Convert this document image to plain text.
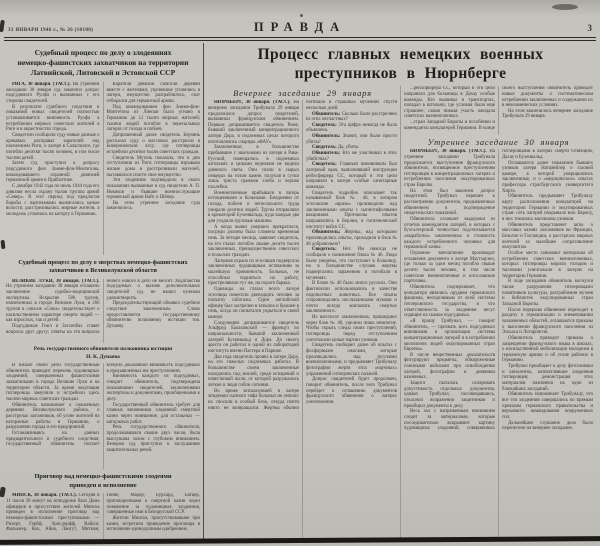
31 ЯНВАРЯ 1946 г., № 26 (10108)	ПРАВДА	3
Судебный процесс по делу о злодеяниях
немецко-фашистских захватчиков на территории
Латвийской, Литовской и Эстонской ССР

РИГА, 30 января. (ТАСС). На утреннем заседании 30 января суд закончил допрос подсудимого Руофа и вызванных с его стороны свидетелей.

В результате судебного следствия и показаний новых свидетелей полностью устанавливается виновность Руофа в истреблении мирных советских жителей в Риге и в окрестностях города.

Свидетели сообщили суду новые данные о кровавых расправах карателей над населением Риги, о лагере в Саласпилсе, где погибли десятки тысяч человек, в том числе тысячи детей.

Затем суд приступил к допросу подсудимого фон Зомме-фон-Монтетона, командовавшего охранной дивизией германской армии в Прибалтике.

С декабря 1942 года по июль 1944 года его дивизия несла охрану тылов группы армий «Север». В этот период под предлогом борьбы с партизанами выжигались целые волости, расстреливались мирные жители, а молодежь угонялась на каторгу в Германию.

Каратели дивизии сжигали деревни вместе с жителями; уцелевшие угонялись в лагери, имущество разграблялось, скот отбирался для германской армии.

Под командованием фон Зомме-фон-Монтетона из Лиепаи было угнано в Германию до 12 тысяч мирных жителей; тысячи людей погибли в пересыльных лагерях от голода и побоев.

Допрошенный далее свидетель Берзинь рассказал суду о массовых расстрелах в Бикерниекском лесу, где гитлеровцы истребили десятки тысяч советских граждан.

Свидетель Мутель показала, что в дни отступления из Риги гитлеровцы взрывали жилые дома и расстреливали жителей, пытавшихся спасти свое имущество.

Эти злодеяния подтвердили в своих показаниях вызванные в суд свидетели А. П. Новиков и бывшие военнослужащие германской армии Вайс и Шёпер.

На этом утреннее заседание суда закончилось.

Судебный процесс по делу о зверствах немецко-фашистских
захватчиков в Великолукской области

ВЕЛИКИЕ ЛУКИ, 30 января. (ТАСС). На утреннем заседании 30 января оглашено заключение судебно-медицинской экспертизы. Вскрытие 580 трупов, извлеченных в городе Великие Луки, и 260 трупов в совхозе «Союз» свидетельствует о насильственном характере смерти людей — как взрослых, так и детей.

Подсудимые Гнил и Зассенбах ставят вопросы друг другу; ответы на эти вопросы ничего нового в дело не вносят. Ходатайства подсудимых о вызове дополнительных свидетелей суд не нашел нужным удовлетворить.

Председательствующий объявил судебное следствие законченным. Слово предоставляется государственному обвинителю полковнику юстиции тов. Дунаеву.

Речь государственного обвинителя полковника юстиции
Н. К. Дунаева

В начале своей речи государственный обвинитель приводит перечень чудовищных злодеяний, совершенных фашистскими захватчиками в городе Великие Луки и на территории области. За время оккупации гитлеровцы замучили и истребили здесь тысячи мирных советских граждан.

Обвинитель напоминает о сожженных деревнях Великолукского района, о расстрелах заложников, об угоне жителей на каторжные работы в Германию, о разрушении города и его предприятий.

Останавливаясь на данных предварительного и судебного следствия, государственный обвинитель считает всецело доказанной виновность подсудимых в предъявленных им преступлениях.

Виновность каждого из подсудимых, говорит обвинитель, подтверждена показаниями свидетелей, заключениями экспертизы и документами, приобщенными к делу.

Государственный обвинитель требует для главных виновников злодеяний смертной казни через повешение, для остальных — каторжных работ.

Речь государственного обвинителя, продолжавшаяся свыше двух часов, была выслушана залом с глубоким вниманием. Вечером суд приступил к заслушанию защитительных речей.

Приговор над немецко-фашистскими злодеями
приведен в исполнение

МИНСК, 30 января. (ТАСС). Сегодня в 11 часов 30 минут на ипподроме близ Дома офицеров в присутствии жителей Минска приведен в исполнение приговор над немецко-фашистскими преступниками — Рихерт, Гербф, Эрнсдорфф, Вайсиг, Фалькнер, Кох, Айик, Лангут, Митман, Гейне, Мадер, Бурхард, Батцер, приговоренными к смертной казни через повешение за чудовищные злодеяния, совершенные ими в Белорусской ССР.

Жители Минска, присутствовавшие при казни, встретили приведение приговора в исполнение единодушным одобрением.

Процесс главных немецких военных
преступников в Нюрнберге
Вечернее заседание 29 января

НЮРНБЕРГ, 30 января. (ТАСС). На вечернем заседании Трибунала 29 января продолжался допрос свидетелей, вызванных французским обвинением. Первым допрашивается свидетель Роже, бывший заключенный концентрационного лагеря Дора, в подземных цехах которого изготовлялись снаряды «ФАУ».

Заключенные, в большинстве прибывшие с эшелонами из лагеря в Рава-Русской, помещались в подземных штольнях и целыми неделями не видели дневного света. Они спали в сырых пещерах на голом камне, получая в сутки лишь триста граммов хлеба и черпак похлебки.

Военнопленные прибывали в лагерь истощенными и больными. Ежедневно от голода, побоев и непосильного труда умирали десятки людей. Трупы отправляли в крематорий Бухенвальда, куда каждые два дня уходили грузовые машины.

А когда вывоз умерших прекратился, посреди долины была сложена временная печь. За четыре месяца, заявляет свидетель, на его глазах погибло свыше десяти тысяч заключенных, преимущественно советских и польских граждан.

Лагерная охрана из эсэсовцев подвергала заключенных чудовищным истязаниям за малейшую провинность. Больных, не способных подняться на работу, пристреливали тут же, на пороге барака.

Однажды на глазах всего лагеря эсэсовцы повесили двенадцать человек за попытку саботажа. Один английский офицер был застрелен в затылок и брошен в печь, когда он попытался укрыться в своей камере.

Следующим допрашивается свидетель Альфред Балаховский — француз по национальности, бывший заключенный лагерей Бухенвальд и Дора. До своего ареста он работал в одной из лабораторий института имени Пастера в Париже.

Два года свидетель провел в лагере Дора, на его тяжелых подземных работах. В большинстве своем заключенные находились под землей, среди испарений и известковой пыли, от которой разрушались легкие и люди гибли сотнями.

Во время вспыхнувшей в лагере эпидемии сыпного тифа больных не лечили: их сносили в особый блок, откуда почти никто не возвращался. Жертвы обычно погибали в страшных мучениях спустя несколько дней.

Обвинитель: Сколько было расстреляно из этих несчастных?

Свидетель: Эта цифра никогда не была объявлена.

Обвинитель: Значит, они были просто убиты?

Свидетель: Да, убиты.

Обвинитель: Кто же участвовал в этих убийствах?

Свидетель: Главным виновником был лагерный врач, выполнявший инструкции рейхсфюрера СС, который в эти цели направлял в лагери особые санитарные команды.

Свидетель подробно описывает так называемый блок № 46, в котором эсэсовские «врачи» производили над заключенными опыты с сыпнотифозными вакцинами. Протоколы опытов направлялись в Берлин, в гигиенический институт войск СС.

Обвинитель: Жертвы, над которыми производились опыты, приходили в блок № 46 добровольно?

Свидетель: Нет. Им никогда не сообщали о назначении блока № 46. Люди были уверены, что поступают в больницу, но в большинстве случаев жертвы подвергались заражению и погибали в мучениях.

В блоке № 46 было много русских. Они фактически использовались в качестве подопытных животных. Все опыты сопровождались неслыханными муками и почти всегда кончались смертью заключенного.

Из шестисот заключенных, прошедших через блок № 46, уцелели лишь немногие. Чтобы скрыть следы своих преступлений, гитлеровцы перед отступлением уничтожали целые партии узников.

Свидетель сообщает далее об опытах с фосфорными ожогами, которые производились над русскими военнопленными, и предъявляет Трибуналу фотографии жертв этих «научных» упражнений гитлеровских палачей.

Допрос свидетелей будет продолжен, говорит обвинитель, после чего Трибунал перейдет к оглашению документов французского обвинения о лагерях уничтожения.

...рейхсфюрера СС, который в эти цели направлял для больницы в Дахау особые команды. Кто выживал в транспортах, попадал в штольни, где условия были еще страшнее; самая тяжкая участь ожидала советских военнопленных.

...стран Западной Европы и пособники и коменданты концлагерей Германии. В конце своего выступления обвинитель приводит новые документы о систематическом истреблении заключенных и содержании их в нечеловеческих условиях.

На этом закончилось вечернее заседание Трибунала 29 января.

Утреннее заседание 30 января

НЮРНБЕРГ, 30 января. (ТАСС). На утреннем заседании Трибунала продолжается выступление французского обвинителя, посвященное преступлениям гитлеровцев в концентрационных лагерях и истреблению населения оккупированных стран Европы.

На этом был закончен допрос свидетелей. Трибунал перешел к рассмотрению документов, предъявленных обвинением в подтверждение свидетельских показаний.

Обвинитель оглашает выдержки из отчетов комендантов лагерей, в которых с бухгалтерской точностью подсчитывается «выработка» заключенных и стоимость каждого истребленного человека для германской казны.

Огромное впечатление производит оглашение документа о лагере Маутхаузен, где только за один месяц погибло свыше десяти тысяч человек, в том числе советские военнопленные и югославские партизаны.

Обвинитель подчеркивает, что концлагеря являлись орудием германского фашизма, неотделимым от всей системы гитлеровского государства, и что ответственность за злодеяния несут сидящие на скамье подсудимых.

«Я прошу Трибунал, — говорит обвинитель, — признать всех подсудимых виновными в организации системы концентрационных лагерей и в истреблении миллионов людей оккупированных стран Европы».

В числе вещественных доказательств фигурируют предметы, обнаруженные союзными войсками при освобождении лагерей, фотографии и дневники казненных.

Защита пыталась оспаривать допустимость отдельных документов, однако Трибунал, посовещавшись, отклонил возражения защитников и приобщил документы к делу.

Весь зал с напряженным вниманием следит за материалами, которые последовательно вскрывают картину чудовищных злодеяний, совершенных гитлеровцами в лагерях смерти Освенцим, Дахау и Бухенвальд.

Оглашаются далее показания бывших узников лагеря Натцвейлер о газовой камере, в которой умерщвлялись заключенные, и о «медицинских» опытах профессора страсбургского университета Хирта.

Обвинитель предъявляет Трибуналу карту расположения концлагерей на территории Германии и оккупированных стран: сеть лагерей покрывала всю Европу, в них томились миллионы узников.

Обвинитель представляет акты о массовых казнях заложников во Франции, Бельгии и Голландии, о расстрелах мирных жителей за малейшее сопротивление оккупантам.

Особое место занимают материалы об истреблении советских военнопленных, которых гитлеровцы морили голодом и тысячами уничтожали в лагерях на территории Германии.

В ходе заседания обвинитель коснулся также разрушения гитлеровцами памятников культуры, разграбления музеев и библиотек оккупированных стран Западной Европы.

После перерыва обвинение переходит к разделу о германизации и онемечивании захваченных областей, оглашаются приказы о выселении французского населения из Эльзаса и Лотарингии.

Обвинитель приводит приказы о запрещении французского языка в школах, о насильственной мобилизации молодежи в германскую армию и об угоне рабочих в Германию.

Трибунал приобщает к делу фотоснимки и киноленты, запечатлевшие злодеяния гитлеровцев; демонстрация этих материалов назначена на одно из ближайших заседаний.

Обвинитель напоминает Трибуналу, что все эти злодеяния совершались по прямым приказам германского правительства и верховного командования вооруженных сил.

Дальнейшее слушание дела было перенесено на вечернее заседание.
